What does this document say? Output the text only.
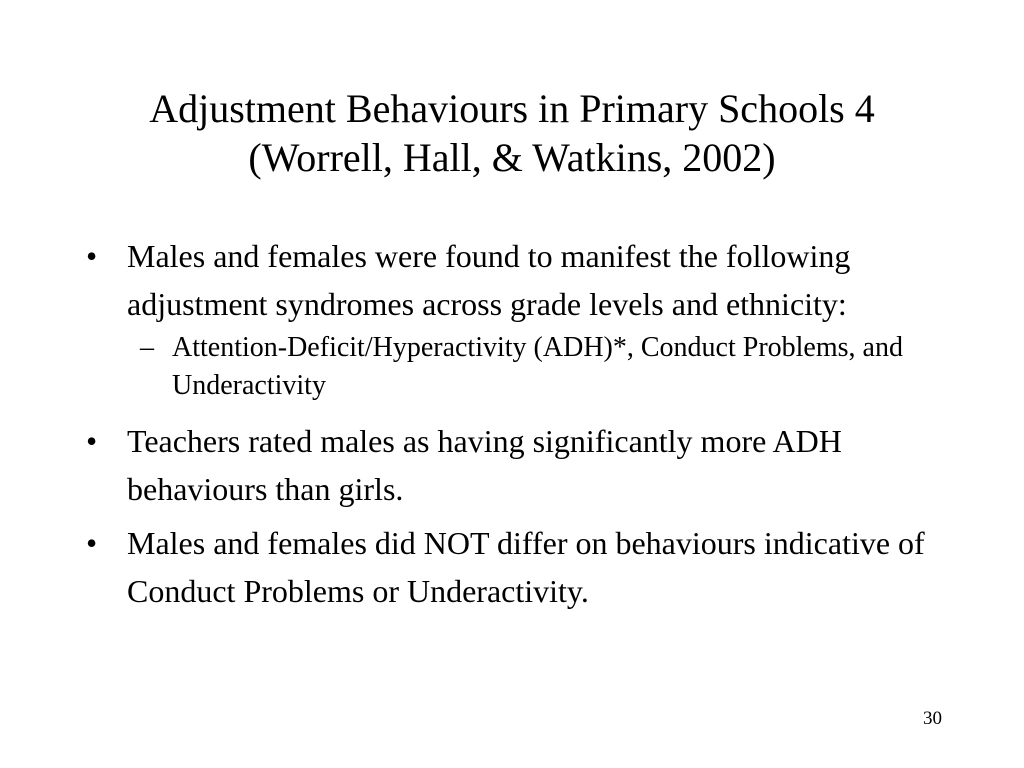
Adjustment Behaviours in Primary Schools 4
(Worrell, Hall, & Watkins, 2002)
• Males and females were found to manifest the following adjustment syndromes across grade levels and ethnicity:
– Attention-Deficit/Hyperactivity (ADH)*, Conduct Problems, and Underactivity
• Teachers rated males as having significantly more ADH behaviours than girls.
• Males and females did NOT differ on behaviours indicative of Conduct Problems or Underactivity.
30
